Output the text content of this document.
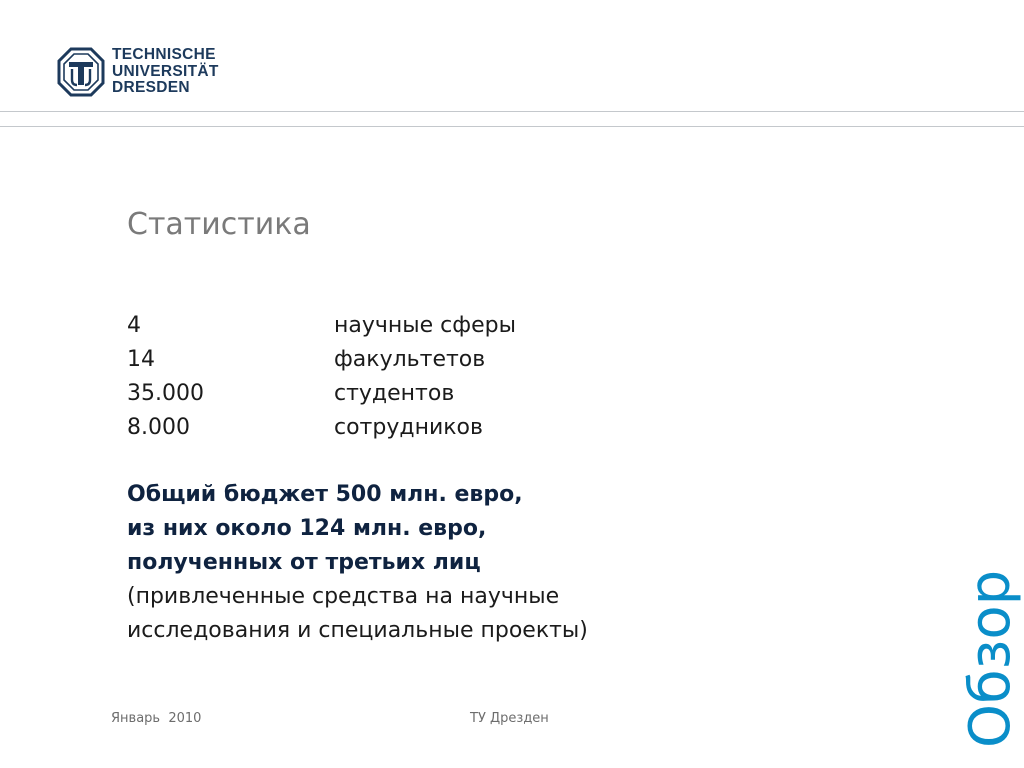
TECHNISCHE
UNIVERSITÄT
DRESDEN
Статистика
4	научные сферы
14	факультетов
35.000	студентов
8.000	сотрудников
Общий бюджет 500 млн. евро,
из них около 124 млн. евро,
полученных от третьих лиц
(привлеченные средства на научные
исследования и специальные проекты)	Обзор
Январь  2010	ТУ Дрезден
